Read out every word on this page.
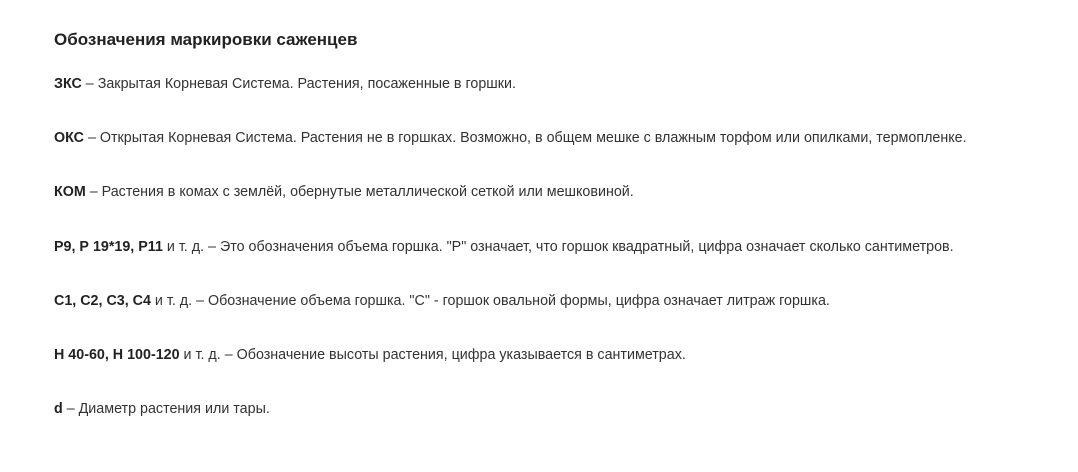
Обозначения маркировки саженцев

ЗКС – Закрытая Корневая Система. Растения, посаженные в горшки.

ОКС – Открытая Корневая Система. Растения не в горшках. Возможно, в общем мешке с влажным торфом или опилками, термопленке.

КОМ – Растения в комах с землёй, обернутые металлической сеткой или мешковиной.

Р9, Р 19*19, Р11 и т. д. – Это обозначения объема горшка. "Р" означает, что горшок квадратный, цифра означает сколько сантиметров.

С1, С2, С3, С4 и т. д. – Обозначение объема горшка. "С" - горшок овальной формы, цифра означает литраж горшка.

Н 40-60, Н 100-120 и т. д. – Обозначение высоты растения, цифра указывается в сантиметрах.

d – Диаметр растения или тары.
